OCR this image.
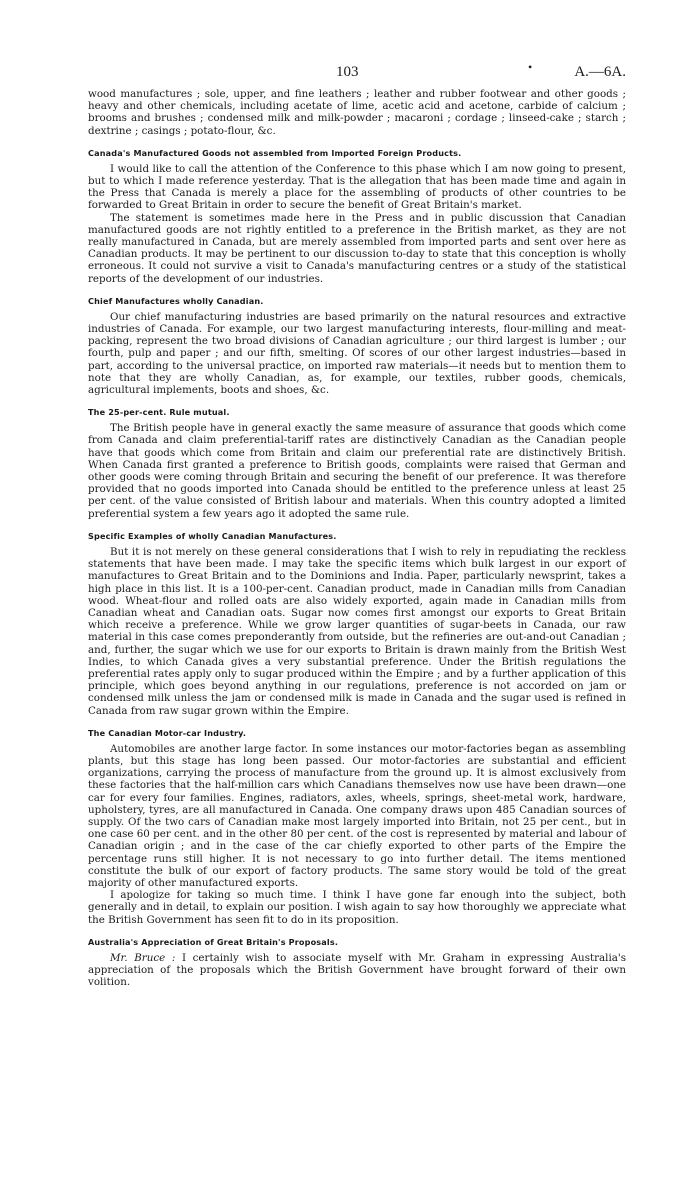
103	•	A.—6A.

wood manufactures ; sole, upper, and fine leathers ; leather and rubber footwear and other goods ; heavy and other chemicals, including acetate of lime, acetic acid and acetone, carbide of calcium ; brooms and brushes ; condensed milk and milk-powder ; macaroni ; cordage ; linseed-cake ; starch ; dextrine ; casings ; potato-flour, &c.

Canada's Manufactured Goods not assembled from Imported Foreign Products.

I would like to call the attention of the Conference to this phase which I am now going to present, but to which I made reference yesterday. That is the allegation that has been made time and again in the Press that Canada is merely a place for the assembling of products of other countries to be forwarded to Great Britain in order to secure the benefit of Great Britain's market.

The statement is sometimes made here in the Press and in public discussion that Canadian manufactured goods are not rightly entitled to a preference in the British market, as they are not really manufactured in Canada, but are merely assembled from imported parts and sent over here as Canadian products. It may be pertinent to our discussion to-day to state that this conception is wholly erroneous. It could not survive a visit to Canada's manufacturing centres or a study of the statistical reports of the development of our industries.

Chief Manufactures wholly Canadian.

Our chief manufacturing industries are based primarily on the natural resources and extractive industries of Canada. For example, our two largest manufacturing interests, flour-milling and meat-packing, represent the two broad divisions of Canadian agriculture ; our third largest is lumber ; our fourth, pulp and paper ; and our fifth, smelting. Of scores of our other largest industries—based in part, according to the universal practice, on imported raw materials—it needs but to mention them to note that they are wholly Canadian, as, for example, our textiles, rubber goods, chemicals, agricultural implements, boots and shoes, &c.

The 25-per-cent. Rule mutual.

The British people have in general exactly the same measure of assurance that goods which come from Canada and claim preferential-tariff rates are distinctively Canadian as the Canadian people have that goods which come from Britain and claim our preferential rate are distinctively British. When Canada first granted a preference to British goods, complaints were raised that German and other goods were coming through Britain and securing the benefit of our preference. It was therefore provided that no goods imported into Canada should be entitled to the preference unless at least 25 per cent. of the value consisted of British labour and materials. When this country adopted a limited preferential system a few years ago it adopted the same rule.

Specific Examples of wholly Canadian Manufactures.

But it is not merely on these general considerations that I wish to rely in repudiating the reckless statements that have been made. I may take the specific items which bulk largest in our export of manufactures to Great Britain and to the Dominions and India. Paper, particularly newsprint, takes a high place in this list. It is a 100-per-cent. Canadian product, made in Canadian mills from Canadian wood. Wheat-flour and rolled oats are also widely exported, again made in Canadian mills from Canadian wheat and Canadian oats. Sugar now comes first amongst our exports to Great Britain which receive a preference. While we grow larger quantities of sugar-beets in Canada, our raw material in this case comes preponderantly from outside, but the refineries are out-and-out Canadian ; and, further, the sugar which we use for our exports to Britain is drawn mainly from the British West Indies, to which Canada gives a very substantial preference. Under the British regulations the preferential rates apply only to sugar produced within the Empire ; and by a further application of this principle, which goes beyond anything in our regulations, preference is not accorded on jam or condensed milk unless the jam or condensed milk is made in Canada and the sugar used is refined in Canada from raw sugar grown within the Empire.

The Canadian Motor-car Industry.

Automobiles are another large factor. In some instances our motor-factories began as assembling plants, but this stage has long been passed. Our motor-factories are substantial and efficient organizations, carrying the process of manufacture from the ground up. It is almost exclusively from these factories that the half-million cars which Canadians themselves now use have been drawn—one car for every four families. Engines, radiators, axles, wheels, springs, sheet-metal work, hardware, upholstery, tyres, are all manufactured in Canada. One company draws upon 485 Canadian sources of supply. Of the two cars of Canadian make most largely imported into Britain, not 25 per cent., but in one case 60 per cent. and in the other 80 per cent. of the cost is represented by material and labour of Canadian origin ; and in the case of the car chiefly exported to other parts of the Empire the percentage runs still higher. It is not necessary to go into further detail. The items mentioned constitute the bulk of our export of factory products. The same story would be told of the great majority of other manufactured exports.

I apologize for taking so much time. I think I have gone far enough into the subject, both generally and in detail, to explain our position. I wish again to say how thoroughly we appreciate what the British Government has seen fit to do in its proposition.

Australia's Appreciation of Great Britain's Proposals.

Mr. Bruce : I certainly wish to associate myself with Mr. Graham in expressing Australia's appreciation of the proposals which the British Government have brought forward of their own volition.
